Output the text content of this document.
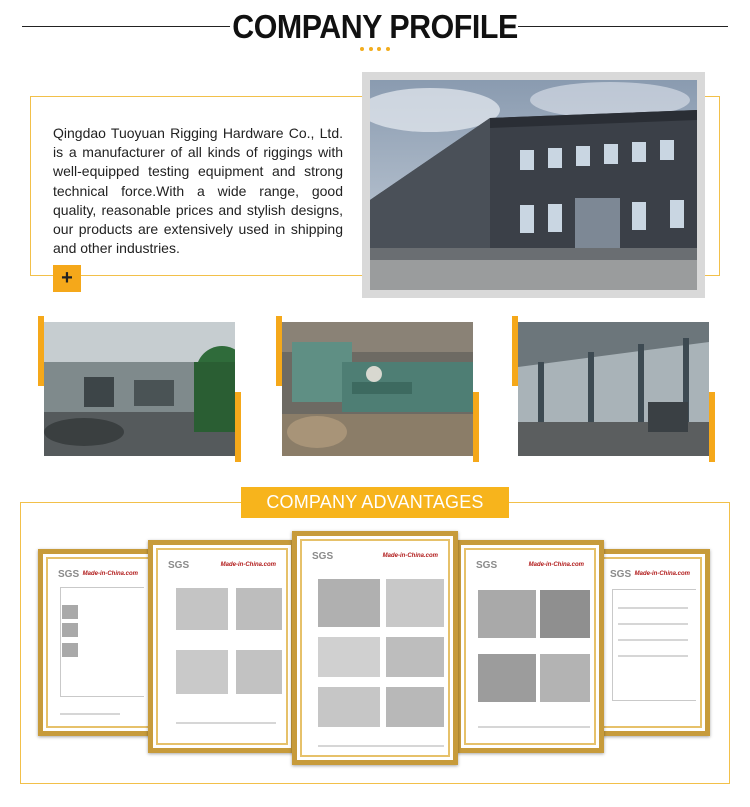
COMPANY PROFILE
Qingdao Tuoyuan Rigging Hardware Co., Ltd. is a manufacturer of all kinds of riggings with well-equipped testing equipment and strong technical force.With a wide range, good quality, reasonable prices and stylish designs, our products are extensively used in shipping and other industries.
+
COMPANY ADVANTAGES
SGS Made-in-China.com	SGS Made-in-China.com
SGS	Made-in-China.com	SGS	Made-in-China.com
SGS	Made-in-China.com
